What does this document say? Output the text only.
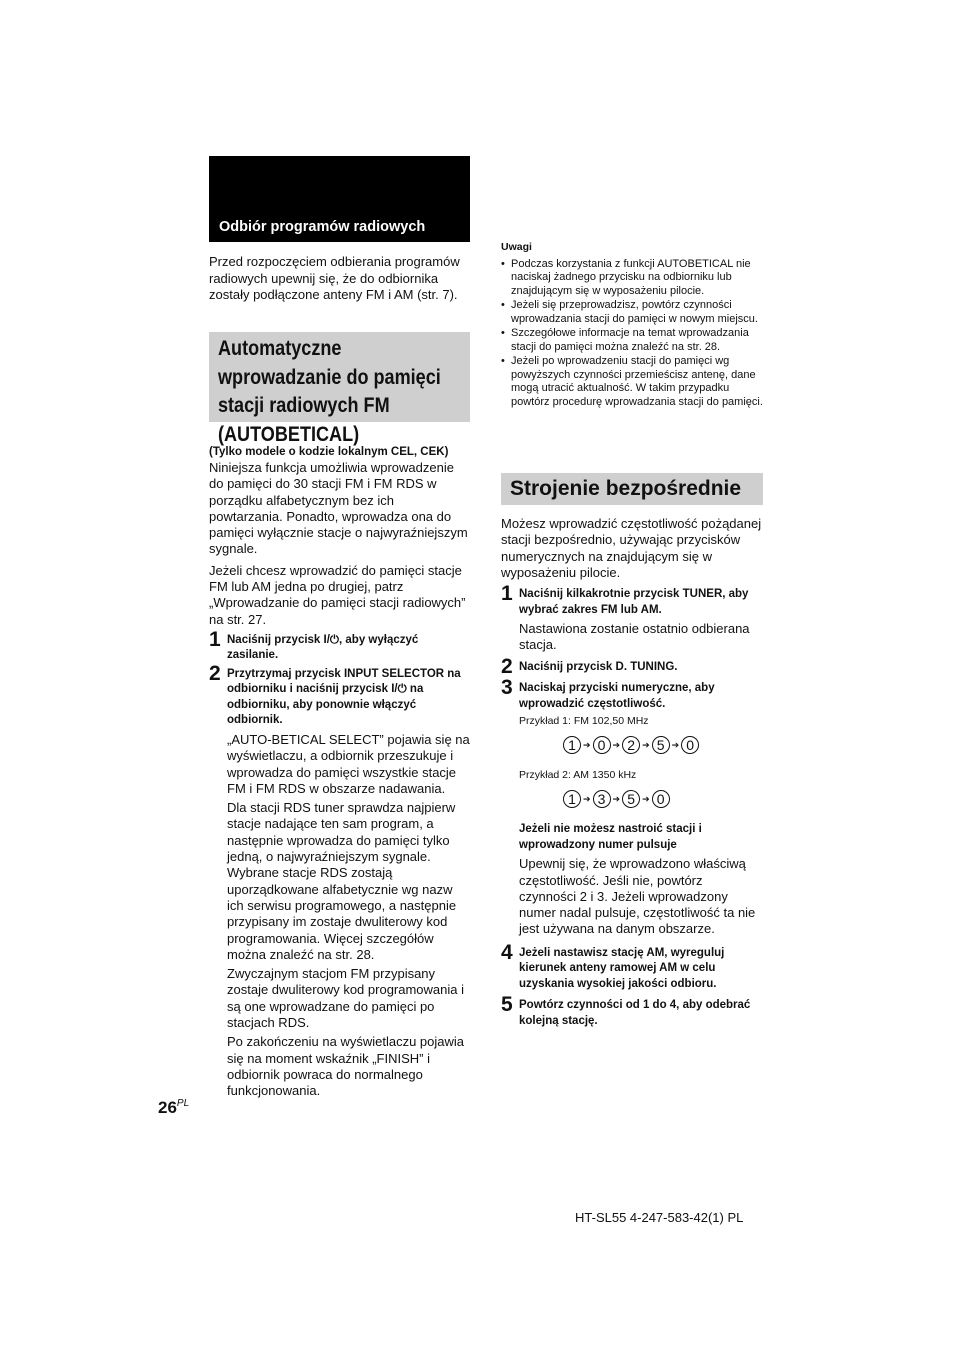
Odbiór programów radiowych

Przed rozpoczęciem odbierania programów radiowych upewnij się, że do odbiornika zostały podłączone anteny FM i AM (str. 7).

Automatyczne wprowadzanie do pamięci stacji radiowych FM (AUTOBETICAL)

(Tylko modele o kodzie lokalnym CEL, CEK)

Niniejsza funkcja umożliwia wprowadzenie do pamięci do 30 stacji FM i FM RDS w porządku alfabetycznym bez ich powtarzania. Ponadto, wprowadza ona do pamięci wyłącznie stacje o najwyraźniejszym sygnale.

Jeżeli chcesz wprowadzić do pamięci stacje FM lub AM jedna po drugiej, patrz „Wprowadzanie do pamięci stacji radiowych” na str. 27.

1 Naciśnij przycisk I/⏻, aby wyłączyć zasilanie.

2 Przytrzymaj przycisk INPUT SELECTOR na odbiorniku i naciśnij przycisk I/⏻ na odbiorniku, aby ponownie włączyć odbiornik.

„AUTO-BETICAL SELECT” pojawia się na wyświetlaczu, a odbiornik przeszukuje i wprowadza do pamięci wszystkie stacje FM i FM RDS w obszarze nadawania.

Dla stacji RDS tuner sprawdza najpierw stacje nadające ten sam program, a następnie wprowadza do pamięci tylko jedną, o najwyraźniejszym sygnale. Wybrane stacje RDS zostają uporządkowane alfabetycznie wg nazw ich serwisu programowego, a następnie przypisany im zostaje dwuliterowy kod programowania. Więcej szczegółów można znaleźć na str. 28.

Zwyczajnym stacjom FM przypisany zostaje dwuliterowy kod programowania i są one wprowadzane do pamięci po stacjach RDS.

Po zakończeniu na wyświetlaczu pojawia się na moment wskaźnik „FINISH” i odbiornik powraca do normalnego funkcjonowania.

$26^{PL}$

Uwagi

• Podczas korzystania z funkcji AUTOBETICAL nie naciskaj żadnego przycisku na odbiorniku lub znajdującym się w wyposażeniu pilocie.
• Jeżeli się przeprowadzisz, powtórz czynności wprowadzania stacji do pamięci w nowym miejscu.
• Szczegółowe informacje na temat wprowadzania stacji do pamięci można znaleźć na str. 28.
• Jeżeli po wprowadzeniu stacji do pamięci wg powyższych czynności przemieścisz antenę, dane mogą utracić aktualność. W takim przypadku powtórz procedurę wprowadzania stacji do pamięci.
Strojenie bezpośrednie

Możesz wprowadzić częstotliwość pożądanej stacji bezpośrednio, używając przycisków numerycznych na znajdującym się w wyposażeniu pilocie.

1 Naciśnij kilkakrotnie przycisk TUNER, aby wybrać zakres FM lub AM.

Nastawiona zostanie ostatnio odbierana stacja.

2 Naciśnij przycisk D. TUNING.

3 Naciskaj przyciski numeryczne, aby wprowadzić częstotliwość.

Przykład 1: FM 102,50 MHz

1 ➔ 0 ➔ 2 ➔ 5 ➔ 0

Przykład 2: AM 1350 kHz

1 ➔ 3 ➔ 5 ➔ 0

Jeżeli nie możesz nastroić stacji i wprowadzony numer pulsuje

Upewnij się, że wprowadzono właściwą częstotliwość. Jeśli nie, powtórz czynności 2 i 3. Jeżeli wprowadzony numer nadal pulsuje, częstotliwość ta nie jest używana na danym obszarze.

4 Jeżeli nastawisz stację AM, wyreguluj kierunek anteny ramowej AM w celu uzyskania wysokiej jakości odbioru.

5 Powtórz czynności od 1 do 4, aby odebrać kolejną stację.

HT-SL55 4-247-583-42(1) PL
